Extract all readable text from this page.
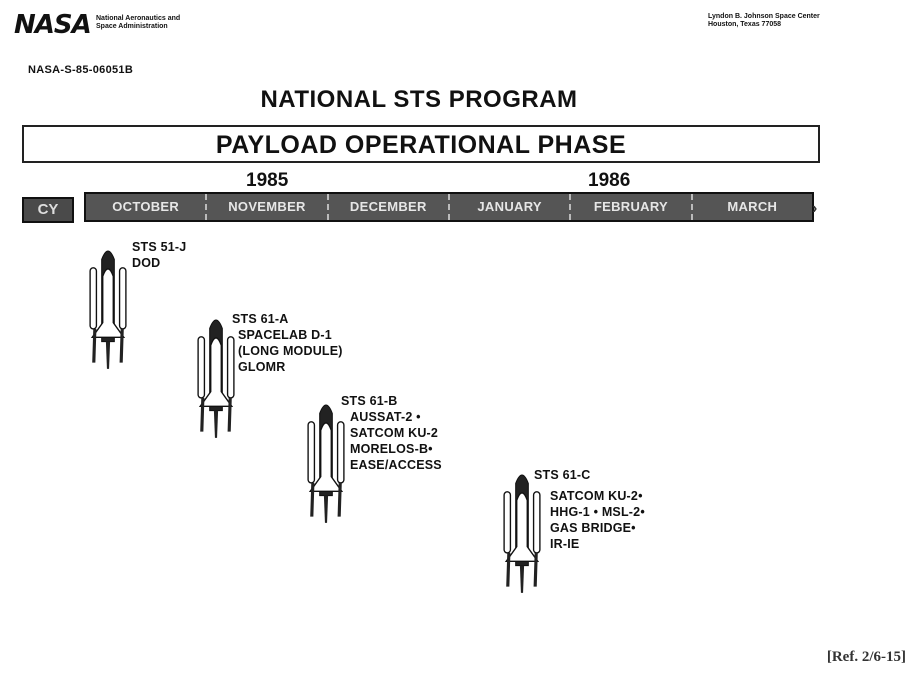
NASA National Aeronautics and
Space Administration
Lyndon B. Johnson Space Center
Houston, Texas 77058
NASA-S-85-06051B
NATIONAL STS PROGRAM
PAYLOAD OPERATIONAL PHASE
1985	1986
CY	OCTOBER	NOVEMBER	DECEMBER	JANUARY	FEBRUARY	MARCH	›
STS 51-J
DOD
STS 61-A
SPACELAB D-1
(LONG MODULE)
GLOMR
STS 61-B
AUSSAT-2 •
SATCOM KU-2
MORELOS-B•
EASE/ACCESS
STS 61-C
SATCOM KU-2•
HHG-1 • MSL-2•
GAS BRIDGE•
IR-IE
[Ref. 2/6-15]
